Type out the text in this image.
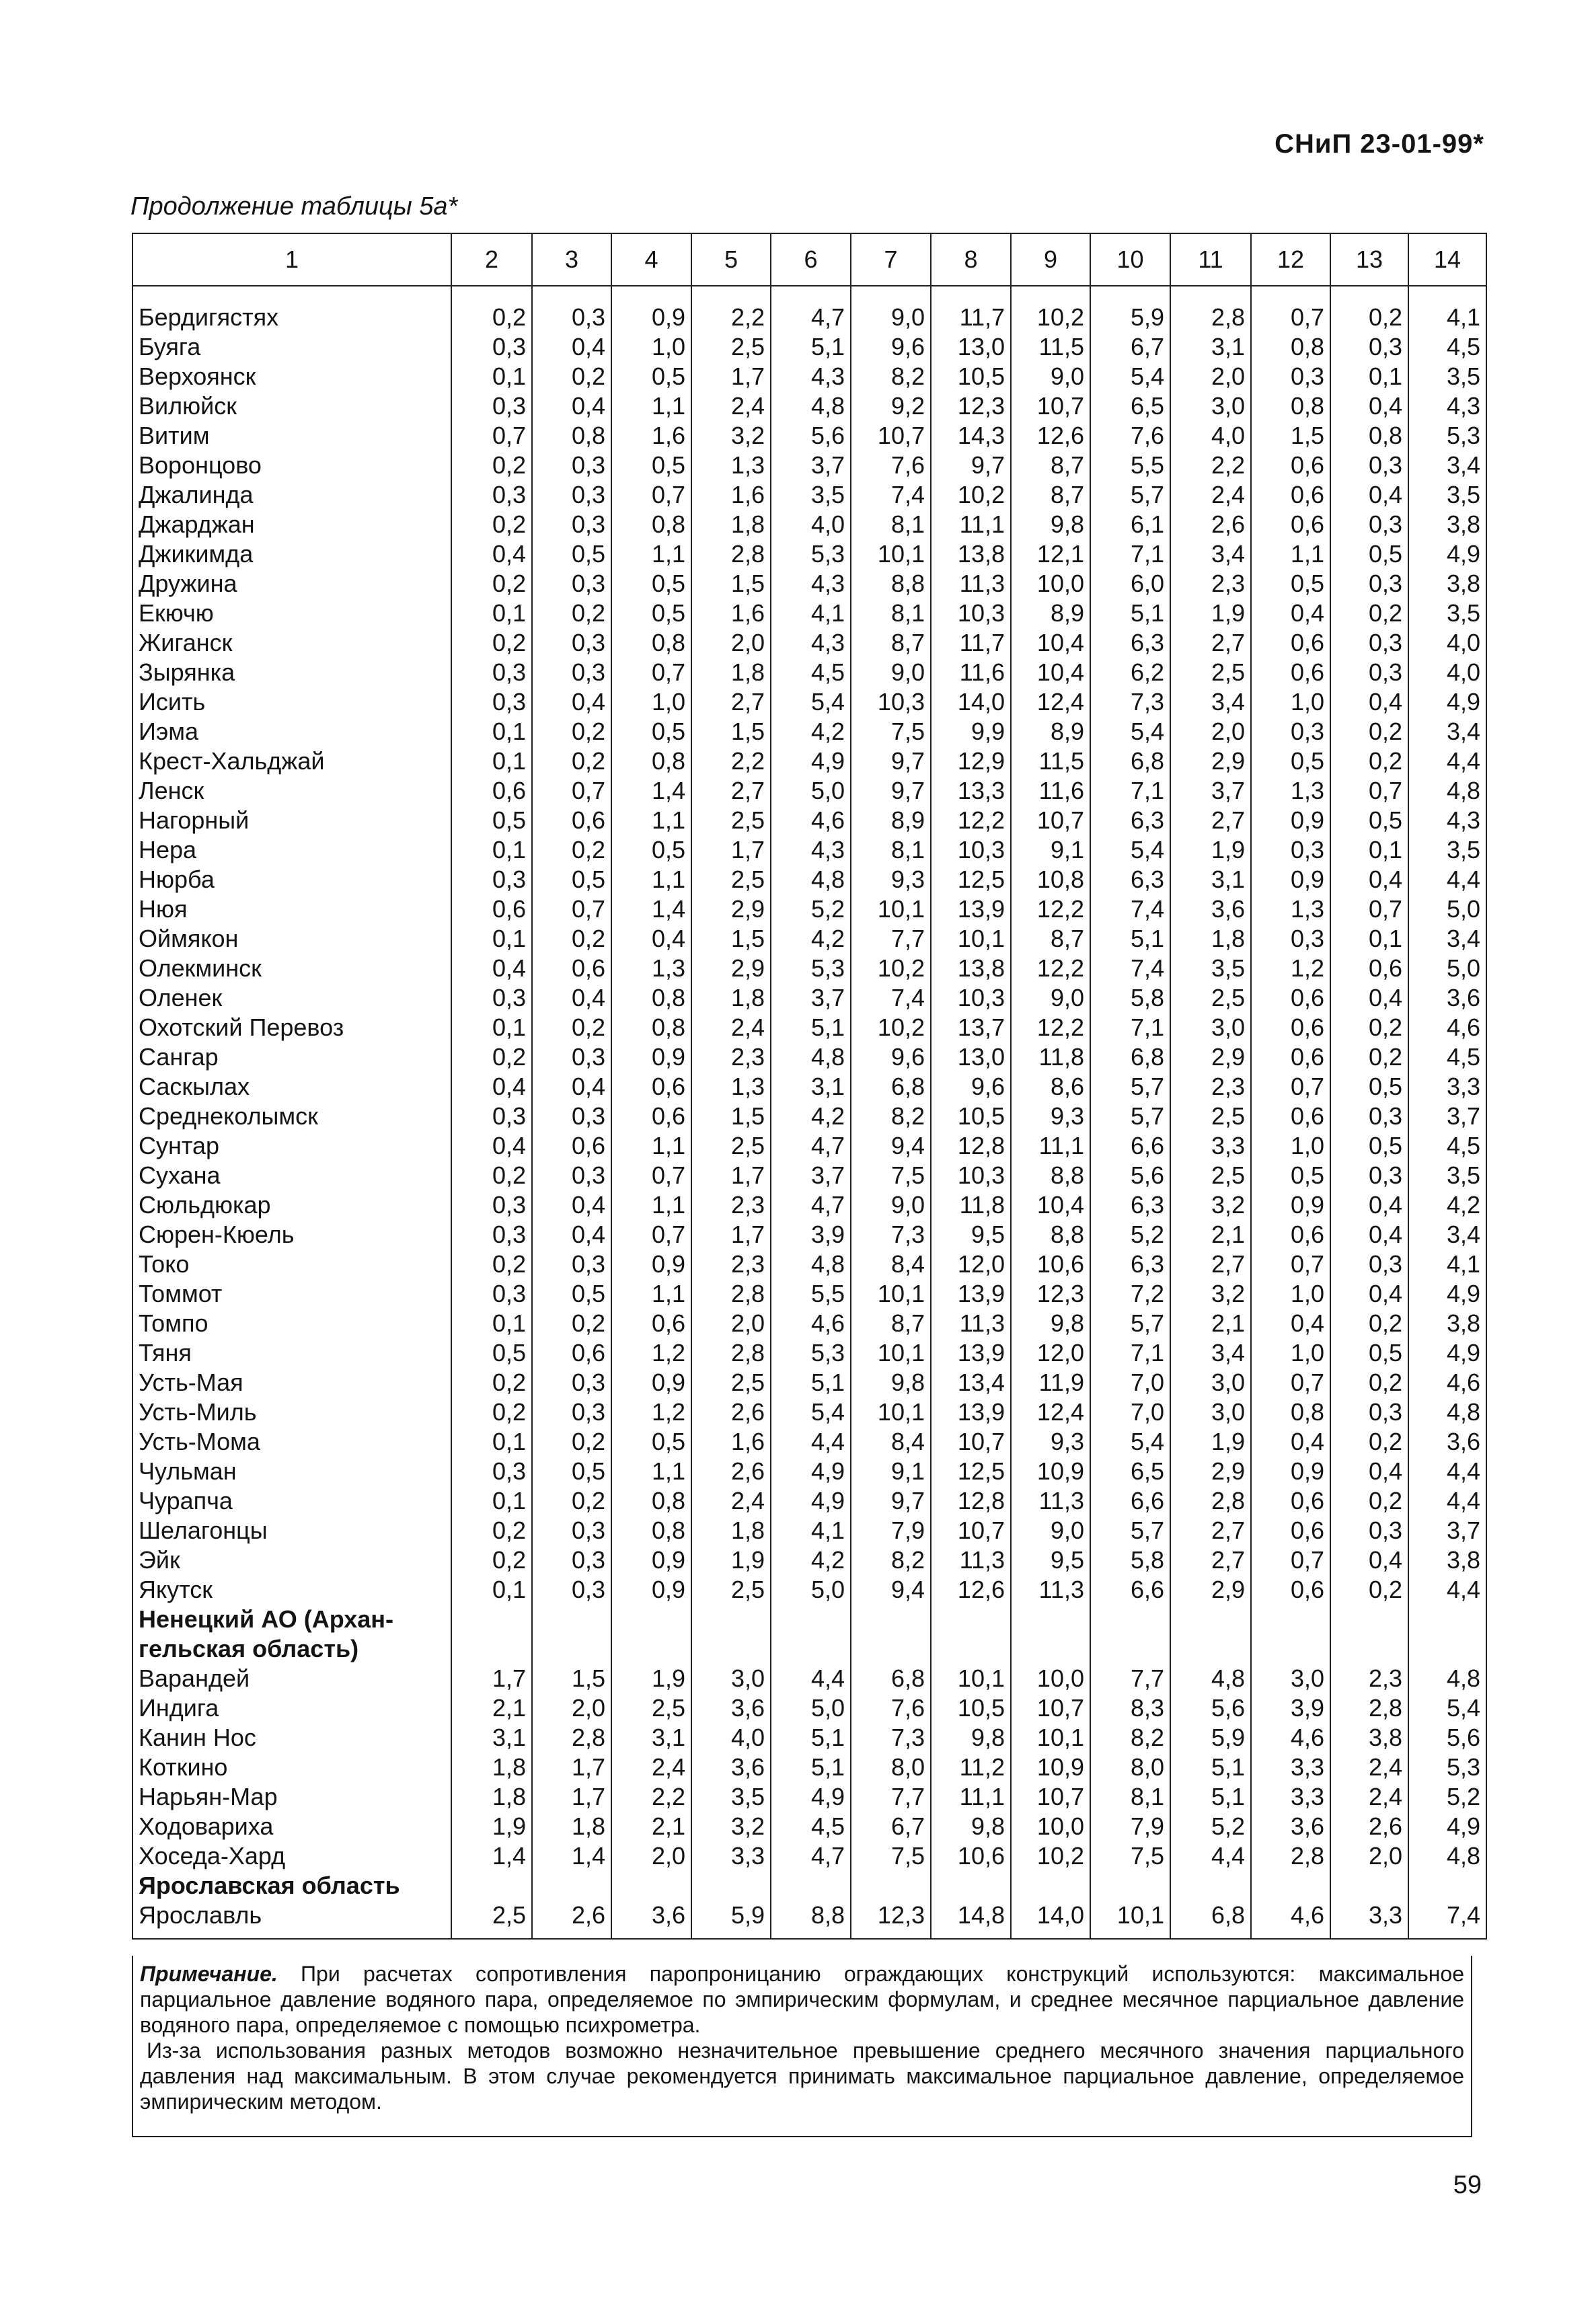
СНиП 23-01-99*
Продолжение таблицы 5а*
1	2	3	4	5	6	7	8	9	10	11	12	13	14

Бердигястях	0,2	0,3	0,9	2,2	4,7	9,0	11,7	10,2	5,9	2,8	0,7	0,2	4,1
Буяга	0,3	0,4	1,0	2,5	5,1	9,6	13,0	11,5	6,7	3,1	0,8	0,3	4,5
Верхоянск	0,1	0,2	0,5	1,7	4,3	8,2	10,5	9,0	5,4	2,0	0,3	0,1	3,5
Вилюйск	0,3	0,4	1,1	2,4	4,8	9,2	12,3	10,7	6,5	3,0	0,8	0,4	4,3
Витим	0,7	0,8	1,6	3,2	5,6	10,7	14,3	12,6	7,6	4,0	1,5	0,8	5,3
Воронцово	0,2	0,3	0,5	1,3	3,7	7,6	9,7	8,7	5,5	2,2	0,6	0,3	3,4
Джалинда	0,3	0,3	0,7	1,6	3,5	7,4	10,2	8,7	5,7	2,4	0,6	0,4	3,5
Джарджан	0,2	0,3	0,8	1,8	4,0	8,1	11,1	9,8	6,1	2,6	0,6	0,3	3,8
Джикимда	0,4	0,5	1,1	2,8	5,3	10,1	13,8	12,1	7,1	3,4	1,1	0,5	4,9
Дружина	0,2	0,3	0,5	1,5	4,3	8,8	11,3	10,0	6,0	2,3	0,5	0,3	3,8
Екючю	0,1	0,2	0,5	1,6	4,1	8,1	10,3	8,9	5,1	1,9	0,4	0,2	3,5
Жиганск	0,2	0,3	0,8	2,0	4,3	8,7	11,7	10,4	6,3	2,7	0,6	0,3	4,0
Зырянка	0,3	0,3	0,7	1,8	4,5	9,0	11,6	10,4	6,2	2,5	0,6	0,3	4,0
Исить	0,3	0,4	1,0	2,7	5,4	10,3	14,0	12,4	7,3	3,4	1,0	0,4	4,9
Иэма	0,1	0,2	0,5	1,5	4,2	7,5	9,9	8,9	5,4	2,0	0,3	0,2	3,4
Крест-Хальджай	0,1	0,2	0,8	2,2	4,9	9,7	12,9	11,5	6,8	2,9	0,5	0,2	4,4
Ленск	0,6	0,7	1,4	2,7	5,0	9,7	13,3	11,6	7,1	3,7	1,3	0,7	4,8
Нагорный	0,5	0,6	1,1	2,5	4,6	8,9	12,2	10,7	6,3	2,7	0,9	0,5	4,3
Нера	0,1	0,2	0,5	1,7	4,3	8,1	10,3	9,1	5,4	1,9	0,3	0,1	3,5
Нюрба	0,3	0,5	1,1	2,5	4,8	9,3	12,5	10,8	6,3	3,1	0,9	0,4	4,4
Нюя	0,6	0,7	1,4	2,9	5,2	10,1	13,9	12,2	7,4	3,6	1,3	0,7	5,0
Оймякон	0,1	0,2	0,4	1,5	4,2	7,7	10,1	8,7	5,1	1,8	0,3	0,1	3,4
Олекминск	0,4	0,6	1,3	2,9	5,3	10,2	13,8	12,2	7,4	3,5	1,2	0,6	5,0
Оленек	0,3	0,4	0,8	1,8	3,7	7,4	10,3	9,0	5,8	2,5	0,6	0,4	3,6
Охотский Перевоз	0,1	0,2	0,8	2,4	5,1	10,2	13,7	12,2	7,1	3,0	0,6	0,2	4,6
Сангар	0,2	0,3	0,9	2,3	4,8	9,6	13,0	11,8	6,8	2,9	0,6	0,2	4,5
Саскылах	0,4	0,4	0,6	1,3	3,1	6,8	9,6	8,6	5,7	2,3	0,7	0,5	3,3
Среднеколымск	0,3	0,3	0,6	1,5	4,2	8,2	10,5	9,3	5,7	2,5	0,6	0,3	3,7
Сунтар	0,4	0,6	1,1	2,5	4,7	9,4	12,8	11,1	6,6	3,3	1,0	0,5	4,5
Сухана	0,2	0,3	0,7	1,7	3,7	7,5	10,3	8,8	5,6	2,5	0,5	0,3	3,5
Сюльдюкар	0,3	0,4	1,1	2,3	4,7	9,0	11,8	10,4	6,3	3,2	0,9	0,4	4,2
Сюрен-Кюель	0,3	0,4	0,7	1,7	3,9	7,3	9,5	8,8	5,2	2,1	0,6	0,4	3,4
Токо	0,2	0,3	0,9	2,3	4,8	8,4	12,0	10,6	6,3	2,7	0,7	0,3	4,1
Томмот	0,3	0,5	1,1	2,8	5,5	10,1	13,9	12,3	7,2	3,2	1,0	0,4	4,9
Томпо	0,1	0,2	0,6	2,0	4,6	8,7	11,3	9,8	5,7	2,1	0,4	0,2	3,8
Тяня	0,5	0,6	1,2	2,8	5,3	10,1	13,9	12,0	7,1	3,4	1,0	0,5	4,9
Усть-Мая	0,2	0,3	0,9	2,5	5,1	9,8	13,4	11,9	7,0	3,0	0,7	0,2	4,6
Усть-Миль	0,2	0,3	1,2	2,6	5,4	10,1	13,9	12,4	7,0	3,0	0,8	0,3	4,8
Усть-Мома	0,1	0,2	0,5	1,6	4,4	8,4	10,7	9,3	5,4	1,9	0,4	0,2	3,6
Чульман	0,3	0,5	1,1	2,6	4,9	9,1	12,5	10,9	6,5	2,9	0,9	0,4	4,4
Чурапча	0,1	0,2	0,8	2,4	4,9	9,7	12,8	11,3	6,6	2,8	0,6	0,2	4,4
Шелагонцы	0,2	0,3	0,8	1,8	4,1	7,9	10,7	9,0	5,7	2,7	0,6	0,3	3,7
Эйк	0,2	0,3	0,9	1,9	4,2	8,2	11,3	9,5	5,8	2,7	0,7	0,4	3,8
Якутск	0,1	0,3	0,9	2,5	5,0	9,4	12,6	11,3	6,6	2,9	0,6	0,2	4,4
Ненецкий АО (Архан- гельская область)													
Варандей	1,7	1,5	1,9	3,0	4,4	6,8	10,1	10,0	7,7	4,8	3,0	2,3	4,8
Индига	2,1	2,0	2,5	3,6	5,0	7,6	10,5	10,7	8,3	5,6	3,9	2,8	5,4
Канин Нос	3,1	2,8	3,1	4,0	5,1	7,3	9,8	10,1	8,2	5,9	4,6	3,8	5,6
Коткино	1,8	1,7	2,4	3,6	5,1	8,0	11,2	10,9	8,0	5,1	3,3	2,4	5,3
Нарьян-Мар	1,8	1,7	2,2	3,5	4,9	7,7	11,1	10,7	8,1	5,1	3,3	2,4	5,2
Ходовариха	1,9	1,8	2,1	3,2	4,5	6,7	9,8	10,0	7,9	5,2	3,6	2,6	4,9
Хоседа-Хард	1,4	1,4	2,0	3,3	4,7	7,5	10,6	10,2	7,5	4,4	2,8	2,0	4,8
Ярославская область													
Ярославль	2,5	2,6	3,6	5,9	8,8	12,3	14,8	14,0	10,1	6,8	4,6	3,3	7,4

Примечание. При расчетах сопротивления паропроницанию ограждающих конструкций используются: максимальное парциальное давление водяного пара, определяемое по эмпирическим формулам, и среднее месячное парциальное давление водяного пара, определяемое с помощью психрометра.

Из-за использования разных методов возможно незначительное превышение среднего месячного значения парциального давления над максимальным. В этом случае рекомендуется принимать максимальное парциальное давление, определяемое эмпирическим методом.

59
